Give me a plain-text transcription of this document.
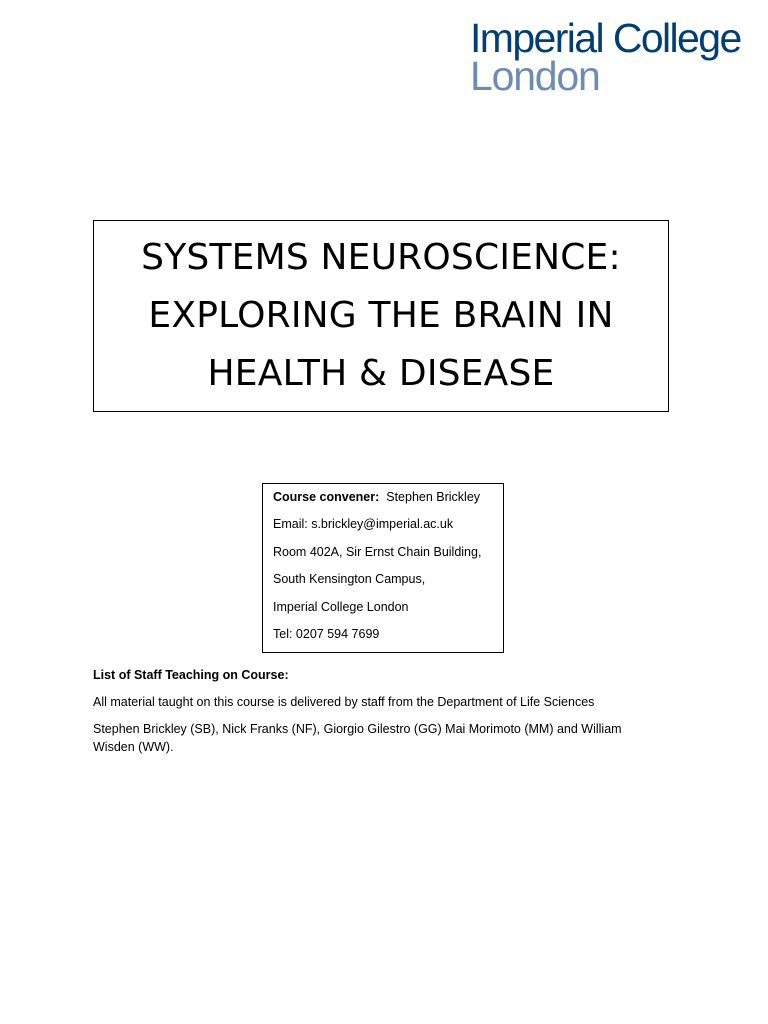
Imperial College
London
SYSTEMS NEUROSCIENCE:
EXPLORING THE BRAIN IN
HEALTH & DISEASE
Course convener: Stephen Brickley
Email: s.brickley@imperial.ac.uk
Room 402A, Sir Ernst Chain Building,
South Kensington Campus,
Imperial College London
Tel: 0207 594 7699

List of Staff Teaching on Course:

All material taught on this course is delivered by staff from the Department of Life Sciences

Stephen Brickley (SB), Nick Franks (NF), Giorgio Gilestro (GG) Mai Morimoto (MM) and William Wisden (WW).
